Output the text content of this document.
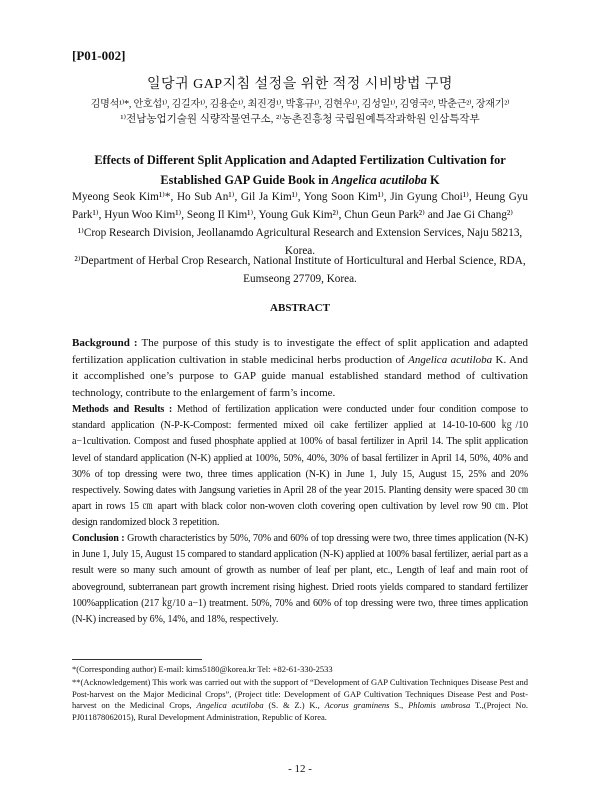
[P01-002]
일당귀 GAP지침 설정을 위한 적정 시비방법 구명
김명석¹⁾*, 안호섭¹⁾, 김길자¹⁾, 김용순¹⁾, 최진경¹⁾, 박홍규¹⁾, 김현우¹⁾, 김성일¹⁾, 김영국²⁾, 박춘근²⁾, 장재기²⁾
¹⁾전남농업기술원 식량작물연구소, ²⁾농촌진흥청 국립원예특작과학원 인삼특작부
Effects of Different Split Application and Adapted Fertilization Cultivation for
Established GAP Guide Book in Angelica acutiloba K
Myeong Seok Kim¹⁾*, Ho Sub An¹⁾, Gil Ja Kim¹⁾, Yong Soon Kim¹⁾, Jin Gyung Choi¹⁾, Heung Gyu Park¹⁾, Hyun Woo Kim¹⁾, Seong Il Kim¹⁾, Young Guk Kim²⁾, Chun Geun Park²⁾ and Jae Gi Chang²⁾
¹⁾Crop Research Division, Jeollanamdo Agricultural Research and Extension Services, Naju 58213, Korea.
²⁾Department of Herbal Crop Research, National Institute of Horticultural and Herbal Science, RDA, Eumseong 27709, Korea.
ABSTRACT
Background : The purpose of this study is to investigate the effect of split application and adapted fertilization application cultivation in stable medicinal herbs production of Angelica acutiloba K. And it accomplished one’s purpose to GAP guide manual established standard method of cultivation technology, contribute to the enlargement of farm’s income.
Methods and Results : Method of fertilization application were conducted under four condition compose to standard application (N-P-K-Compost: fermented mixed oil cake fertilizer applied at 14-10-10-600 ㎏/10 a−1cultivation. Compost and fused phosphate applied at 100% of basal fertilizer in April 14. The split application level of standard application (N-K) applied at 100%, 50%, 40%, 30% of basal fertilizer in April 14, 50%, 40% and 30% of top dressing were two, three times application (N-K) in June 1, July 15, August 15, 25% and 20% respectively. Sowing dates with Jangsung varieties in April 28 of the year 2015. Planting density were spaced 30 ㎝ apart in rows 15 ㎝ apart with black color non-woven cloth covering open cultivation by level row 90 ㎝. Plot design randomized block 3 repetition.
Conclusion : Growth characteristics by 50%, 70% and 60% of top dressing were two, three times application (N-K) in June 1, July 15, August 15 compared to standard application (N-K) applied at 100% basal fertilizer, aerial part as a result were so many such amount of growth as number of leaf per plant, etc., Length of leaf and main root of aboveground, subterranean part growth increment rising highest. Dried roots yields compared to standard fertilizer 100%application (217 ㎏/10 a−1) treatment. 50%, 70% and 60% of top dressing were two, three times application (N-K) increased by 6%, 14%, and 18%, respectively.
*(Corresponding author) E-mail: kims5180@korea.kr Tel: +82-61-330-2533
**(Acknowledgement) This work was carried out with the support of “Development of GAP Cultivation Techniques Disease Pest and Post-harvest on the Major Medicinal Crops”, (Project title: Development of GAP Cultivation Techniques Disease Pest and Post-harvest on the Medicinal Crops, Angelica acutiloba (S. & Z.) K., Acorus graminens S., Phlomis umbrosa T.,(Project No. PJ011878062015), Rural Development Administration, Republic of Korea.
- 12 -
